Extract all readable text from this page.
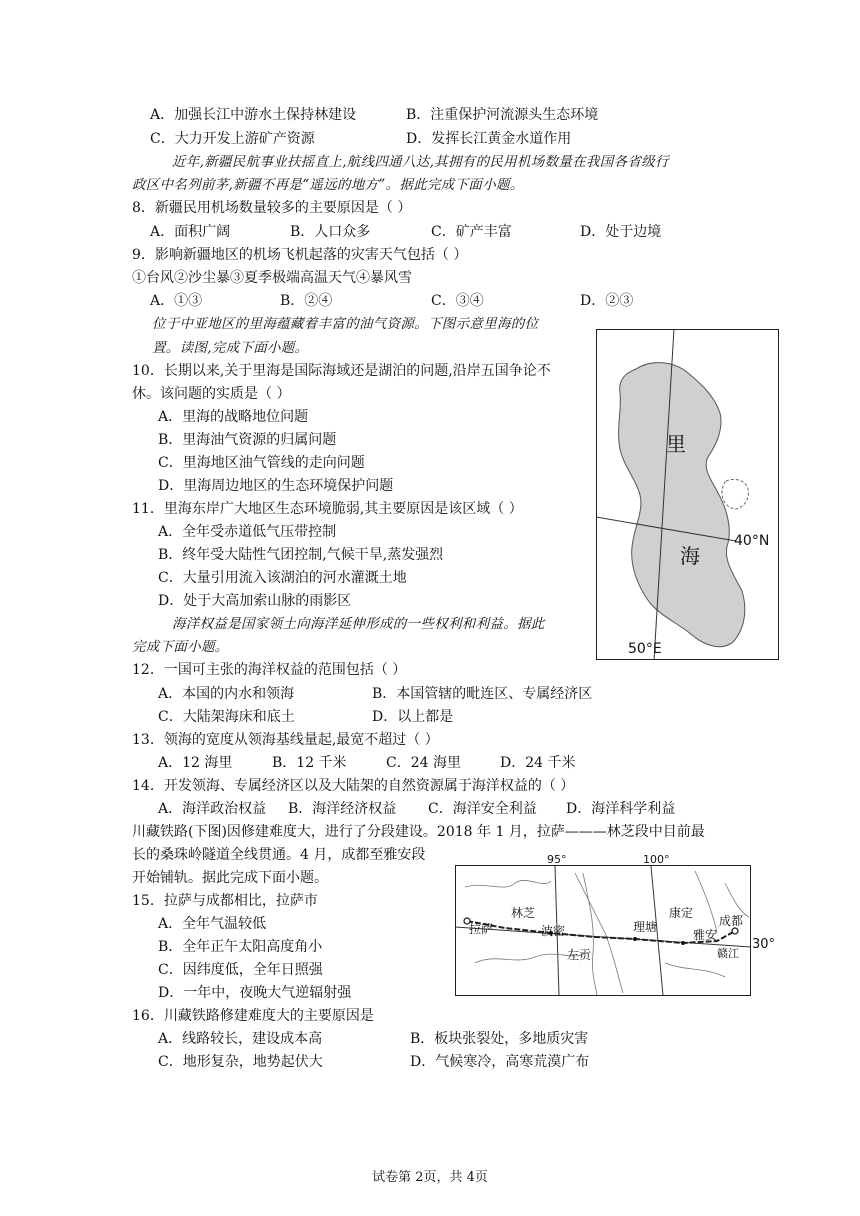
A．加强长江中游水土保持林建设	B．注重保护河流源头生态环境
C．大力开发上游矿产资源	D．发挥长江黄金水道作用
近年,新疆民航事业扶摇直上,航线四通八达,其拥有的民用机场数量在我国各省级行
政区中名列前茅,新疆不再是“遥远的地方”。据此完成下面小题。
8．新疆民用机场数量较多的主要原因是（ ）
A．面积广阔	B．人口众多	C．矿产丰富	D．处于边境
9．影响新疆地区的机场飞机起落的灾害天气包括（ ）
①台风②沙尘暴③夏季极端高温天气④暴风雪
A．①③	B．②④	C．③④	D．②③
位于中亚地区的里海蕴藏着丰富的油气资源。下图示意里海的位
置。读图,完成下面小题。
10．长期以来,关于里海是国际海域还是湖泊的问题,沿岸五国争论不
休。该问题的实质是（ ）
A．里海的战略地位问题
B．里海油气资源的归属问题
C．里海地区油气管线的走向问题
D．里海周边地区的生态环境保护问题
11．里海东岸广大地区生态环境脆弱,其主要原因是该区域（ ）
A．全年受赤道低气压带控制
B．终年受大陆性气团控制,气候干旱,蒸发强烈
C．大量引用流入该湖泊的河水灌溉土地
D．处于大高加索山脉的雨影区
海洋权益是国家领土向海洋延伸形成的一些权利和利益。据此
完成下面小题。
12．一国可主张的海洋权益的范围包括（ ）
A．本国的内水和领海	B．本国管辖的毗连区、专属经济区
C．大陆架海床和底土	D．以上都是
13．领海的宽度从领海基线量起,最宽不超过（ ）
A．12 海里	B．12 千米	C．24 海里	D．24 千米
14．开发领海、专属经济区以及大陆架的自然资源属于海洋权益的（ ）
A．海洋政治权益 B．海洋经济权益 C．海洋安全利益 D．海洋科学利益
川藏铁路(下图)因修建难度大，进行了分段建设。2018 年 1 月，拉萨———林芝段中目前最
长的桑珠岭隧道全线贯通。4 月，成都至雅安段
开始铺轨。据此完成下面小题。
15．拉萨与成都相比，拉萨市
A．全年气温较低
B．全年正午太阳高度角小
C．因纬度低，全年日照强
D．一年中，夜晚大气逆辐射强
16．川藏铁路修建难度大的主要原因是
A．线路较长，建设成本高	B．板块张裂处，多地质灾害
C．地形复杂，地势起伏大	D．气候寒冷，高寒荒漠广布
里
海
40°N
50°E
95°	100°
拉萨
林芝
波密
左贡
理塘
康定
雅安
成都
赣江
30°
试卷第 2页，共 4页
